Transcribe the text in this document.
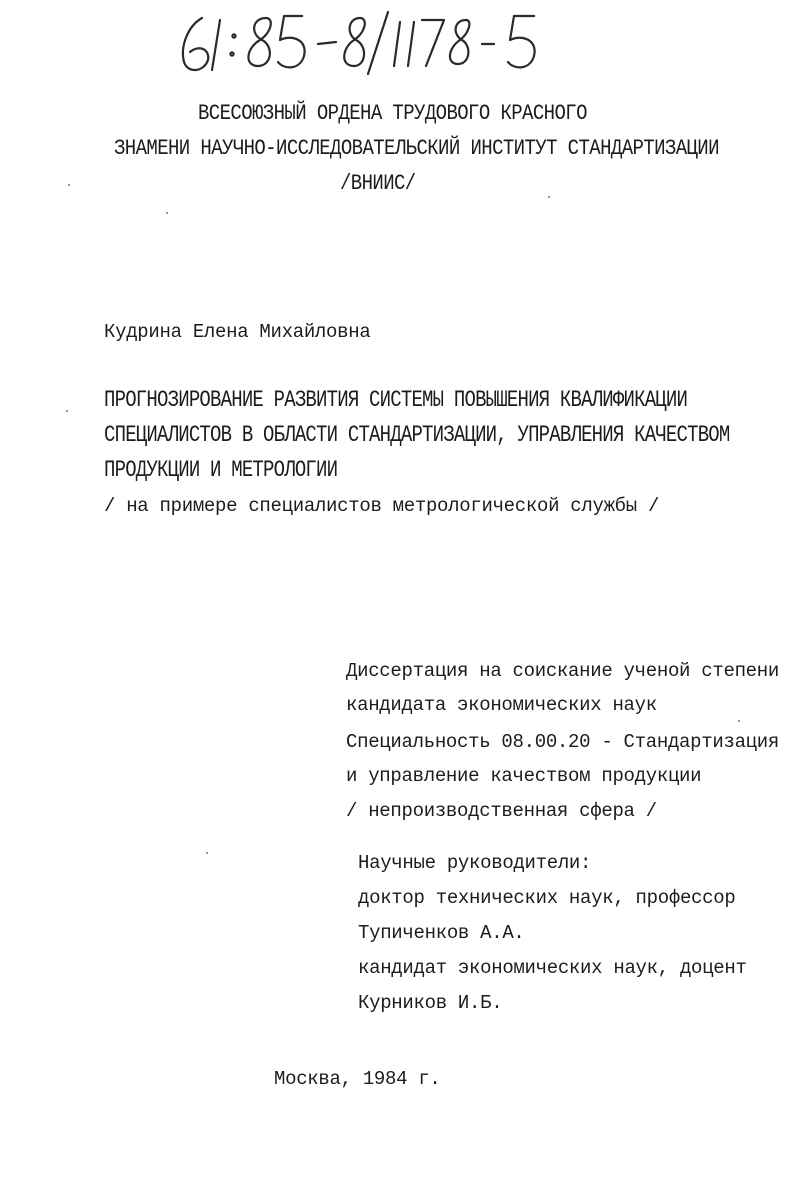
ВСЕСОЮЗНЫЙ ОРДЕНА ТРУДОВОГО КРАСНОГО
ЗНАМЕНИ НАУЧНО-ИССЛЕДОВАТЕЛЬСКИЙ ИНСТИТУТ СТАНДАРТИЗАЦИИ
/ВНИИС/
Кудрина Елена Михайловна
ПРОГНОЗИРОВАНИЕ РАЗВИТИЯ СИСТЕМЫ ПОВЫШЕНИЯ КВАЛИФИКАЦИИ
СПЕЦИАЛИСТОВ В ОБЛАСТИ СТАНДАРТИЗАЦИИ, УПРАВЛЕНИЯ КАЧЕСТВОМ
ПРОДУКЦИИ И МЕТРОЛОГИИ
/ на примере специалистов метрологической службы /
Диссертация на соискание ученой степени
кандидата экономических наук
Специальность 08.00.20 - Стандартизация
и управление качеством продукции
/ непроизводственная сфера /
Научные руководители:
доктор технических наук, профессор
Тупиченков А.А.
кандидат экономических наук, доцент
Курников И.Б.
Москва, 1984 г.
